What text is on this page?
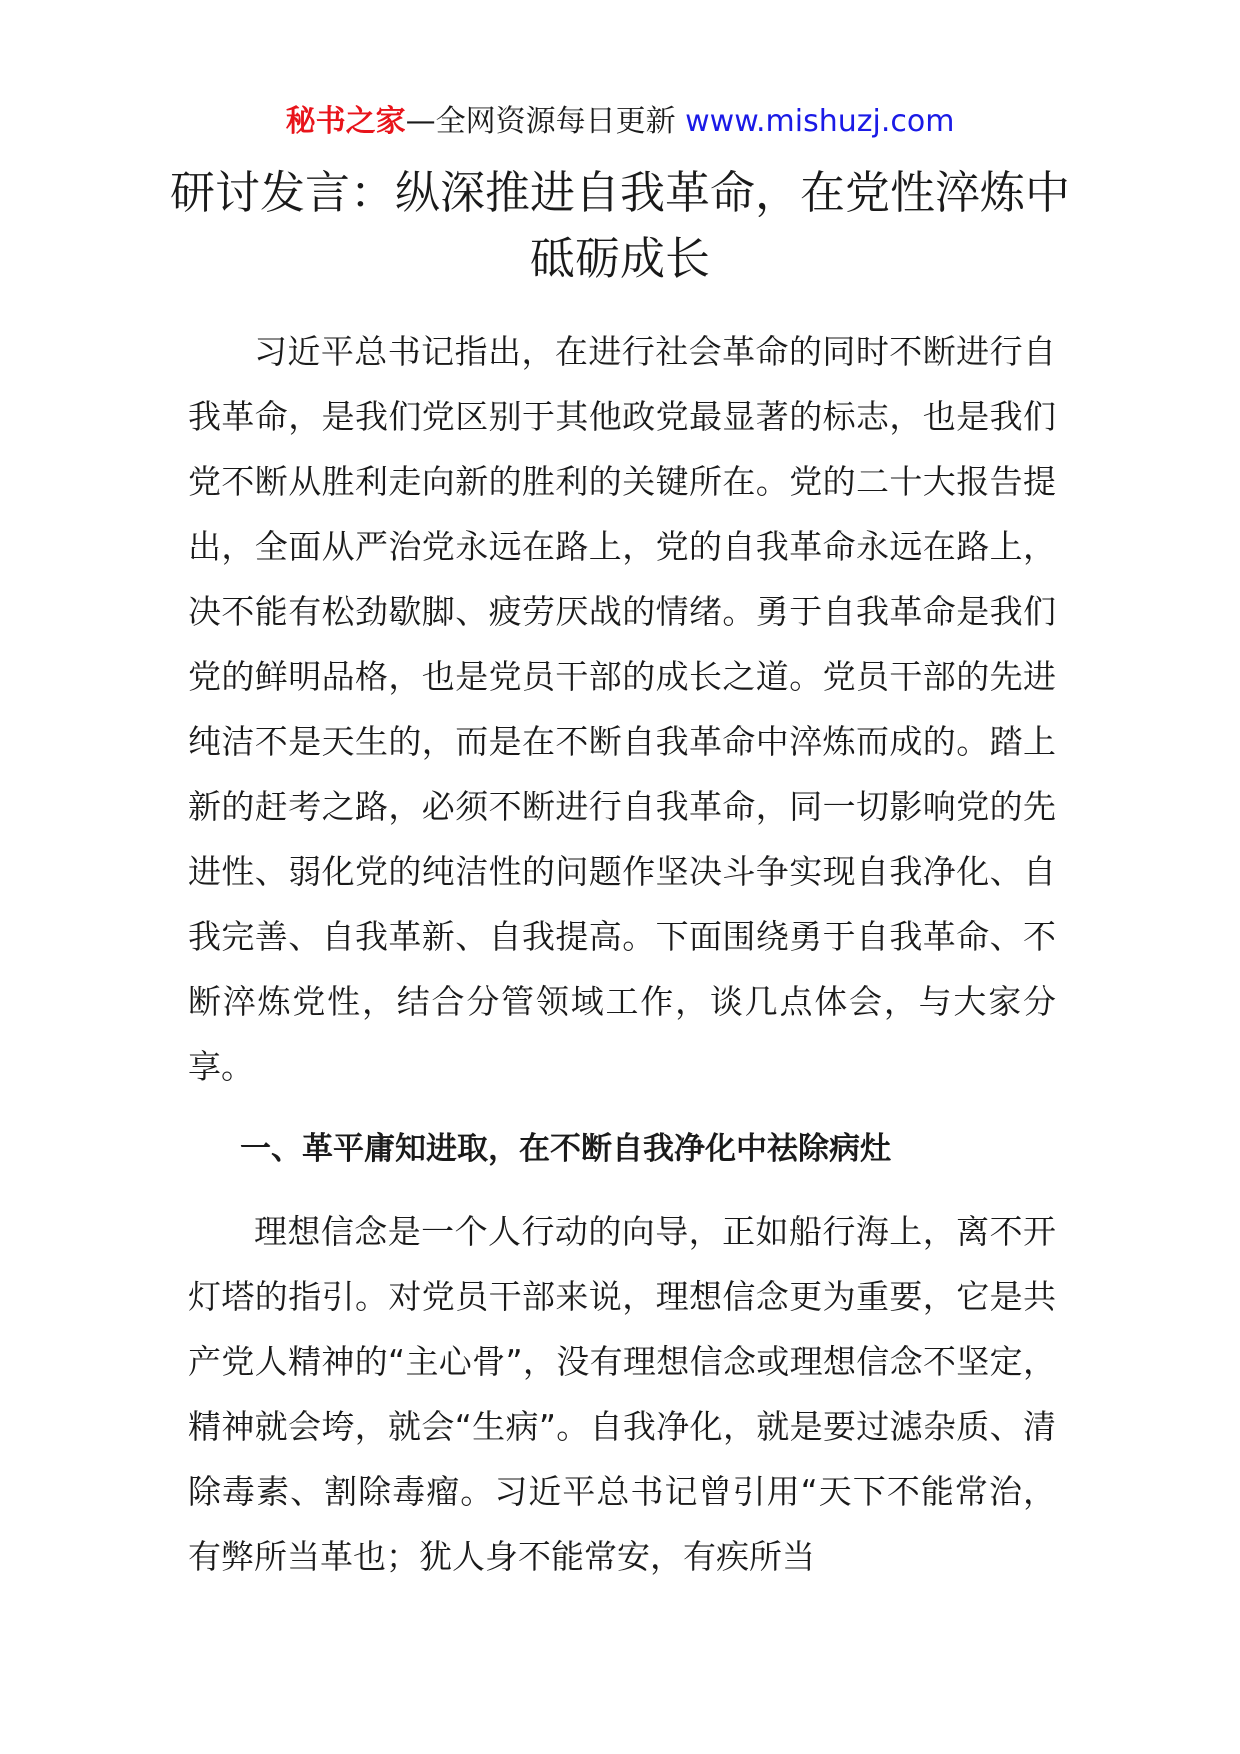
秘书之家—全网资源每日更新 www.mishuzj.com
研讨发言：纵深推进自我革命，在党性淬炼中砥砺成长

习近平总书记指出，在进行社会革命的同时不断进行自我革命，是我们党区别于其他政党最显著的标志，也是我们党不断从胜利走向新的胜利的关键所在。党的二十大报告提出，全面从严治党永远在路上，党的自我革命永远在路上，决不能有松劲歇脚、疲劳厌战的情绪。勇于自我革命是我们党的鲜明品格，也是党员干部的成长之道。党员干部的先进纯洁不是天生的，而是在不断自我革命中淬炼而成的。踏上新的赶考之路，必须不断进行自我革命，同一切影响党的先进性、弱化党的纯洁性的问题作坚决斗争实现自我净化、自我完善、自我革新、自我提高。下面围绕勇于自我革命、不断淬炼党性，结合分管领域工作，谈几点体会，与大家分享。

一、革平庸知进取，在不断自我净化中祛除病灶

理想信念是一个人行动的向导，正如船行海上，离不开灯塔的指引。对党员干部来说，理想信念更为重要，它是共产党人精神的“主心骨”，没有理想信念或理想信念不坚定，精神就会垮，就会“生病”。自我净化，就是要过滤杂质、清除毒素、割除毒瘤。习近平总书记曾引用“天下不能常治，有弊所当革也；犹人身不能常安，有疾所当
